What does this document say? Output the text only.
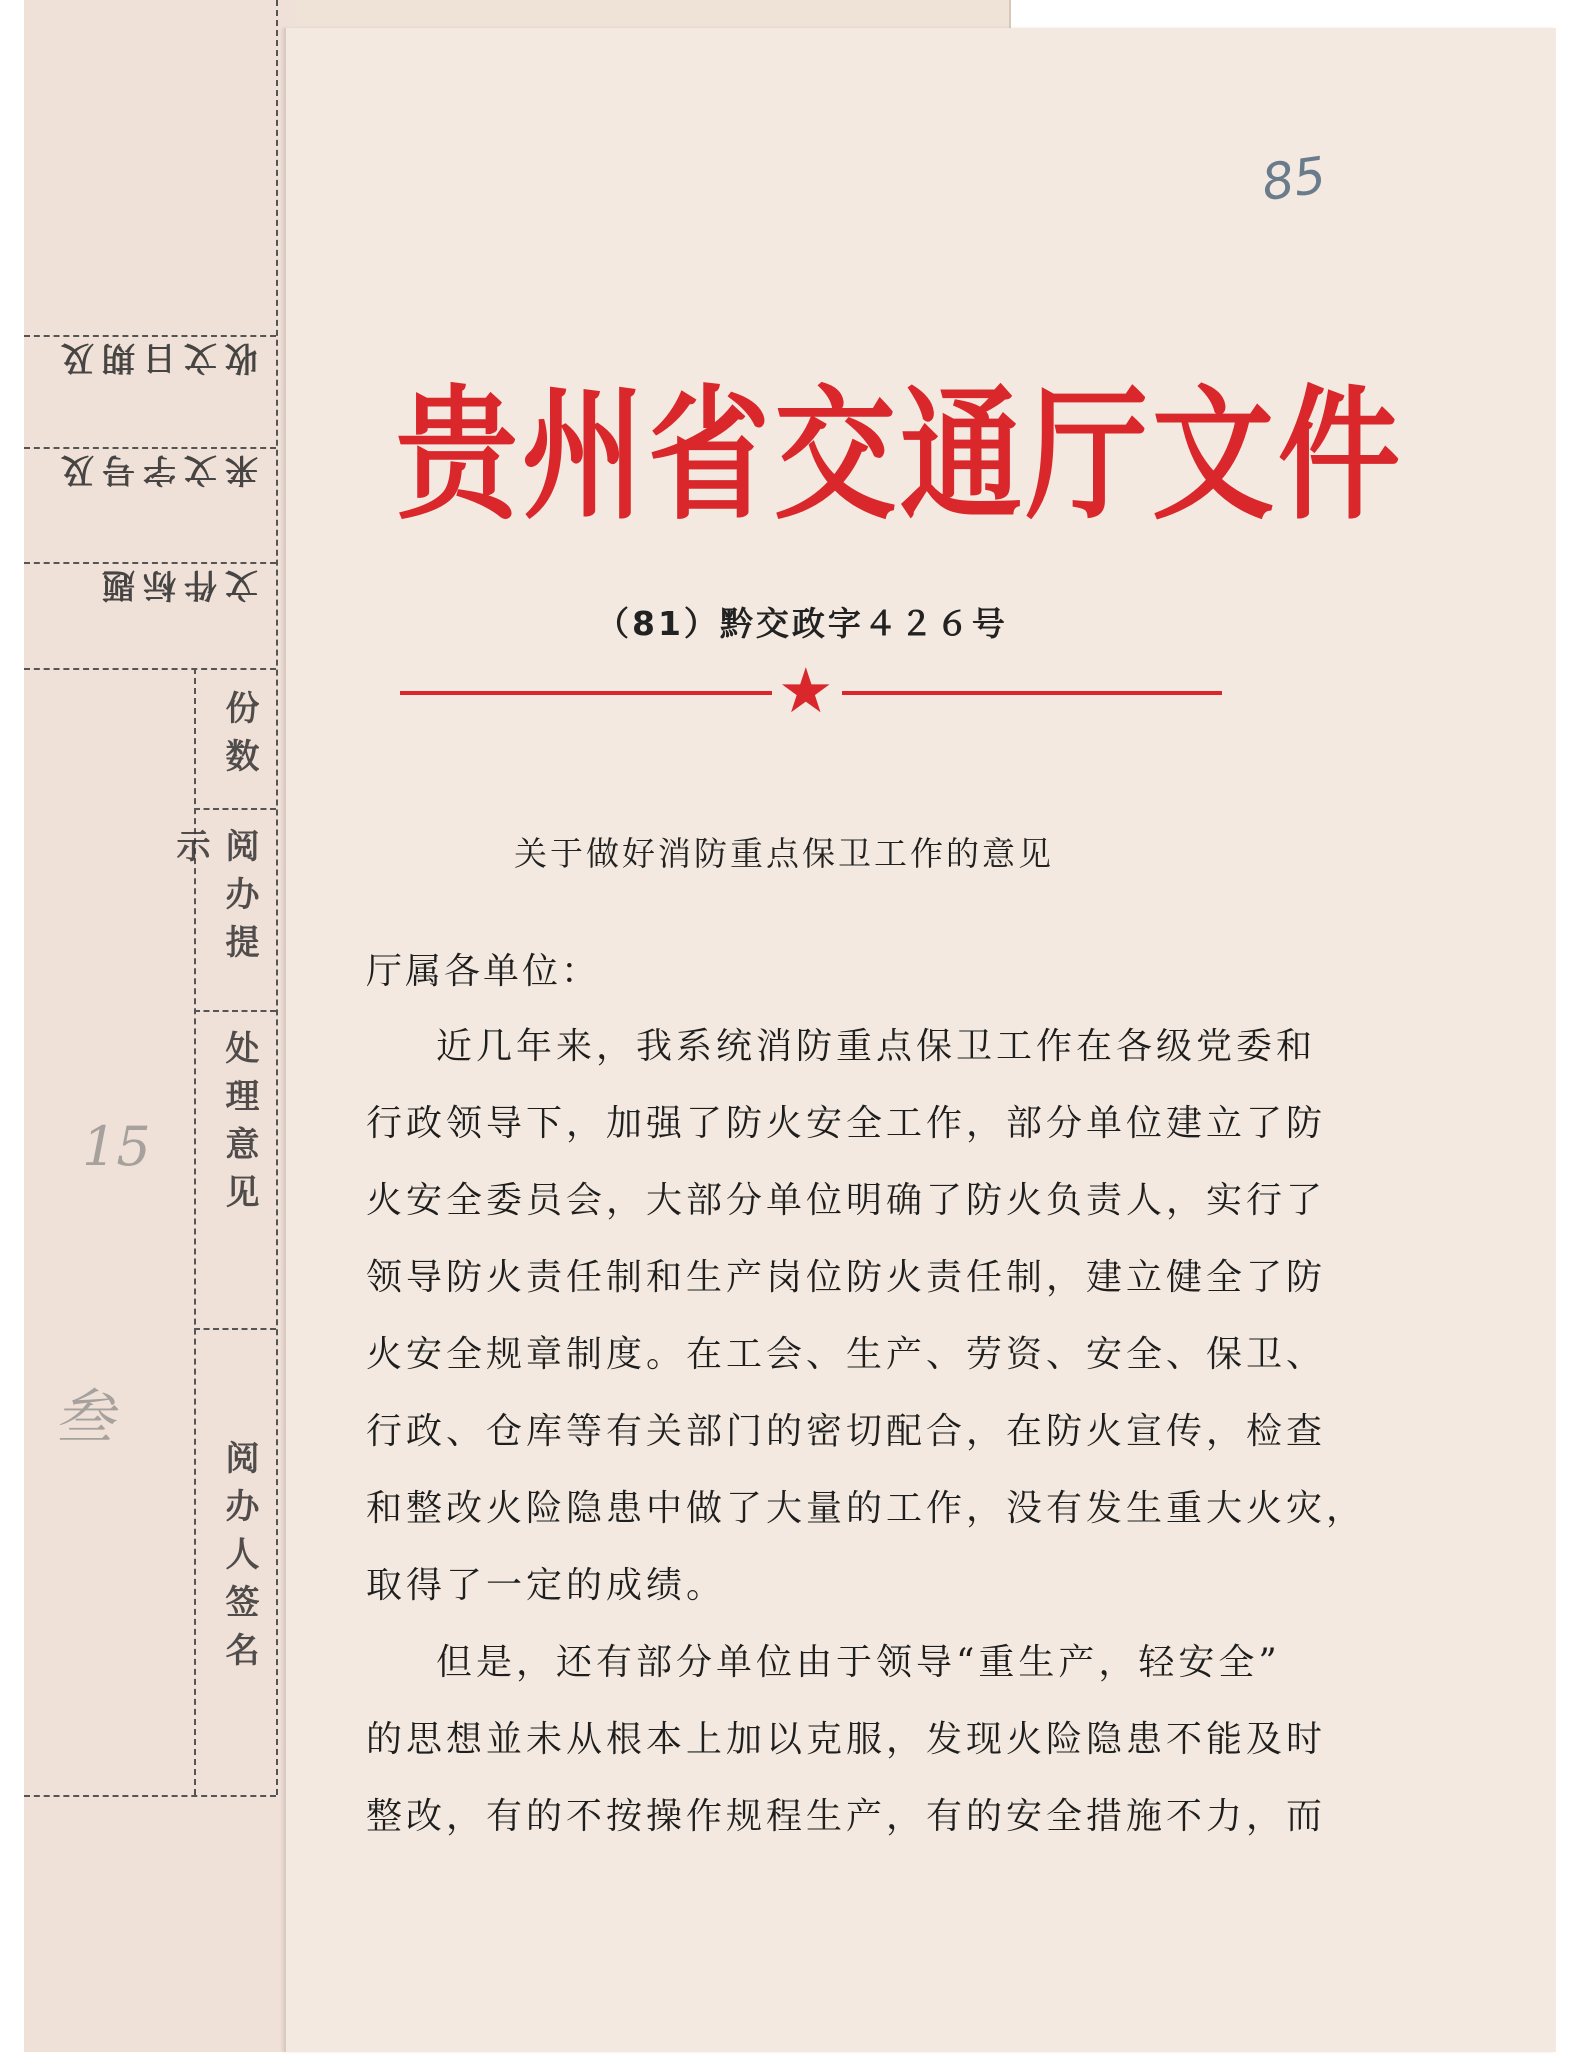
收文日期及
来文字号及
文件标题
份数
阅办提示
处理意见
阅办人签名
15
叁

85
贵州省交通厅文件
（81）黔交政字４２６号
★
关于做好消防重点保卫工作的意见
厅属各单位：
近几年来，我系统消防重点保卫工作在各级党委和
行政领导下，加强了防火安全工作，部分单位建立了防
火安全委员会，大部分单位明确了防火负责人，实行了
领导防火责任制和生产岗位防火责任制，建立健全了防
火安全规章制度。在工会、生产、劳资、安全、保卫、
行政、仓库等有关部门的密切配合，在防火宣传，检查
和整改火险隐患中做了大量的工作，没有发生重大火灾，
取得了一定的成绩。
但是，还有部分单位由于领导“重生产，轻安全”
的思想並未从根本上加以克服，发现火险隐患不能及时
整改，有的不按操作规程生产，有的安全措施不力，而
